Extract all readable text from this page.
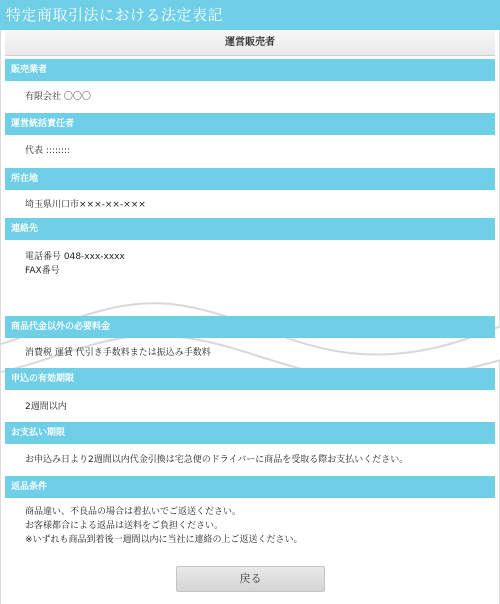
特定商取引法における法定表記
運営販売者
販売業者
有限会社 〇〇〇
運営統括責任者
代表 ::::::::
所在地
埼玉県川口市×××-××-×××
連絡先
電話番号 048-xxx-xxxx
FAX番号
商品代金以外の必要料金
消費税 運賃 代引き手数料または振込み手数料
申込の有効期限
2週間以内
お支払い期限
お申込み日より2週間以内代金引換は宅急便のドライバーに商品を受取る際お支払いください。
返品条件
商品違い、不良品の場合は着払いでご返送ください。
お客様都合による返品は送料をご負担ください。
※いずれも商品到着後一週間以内に当社に連絡の上ご返送ください。
戻る
